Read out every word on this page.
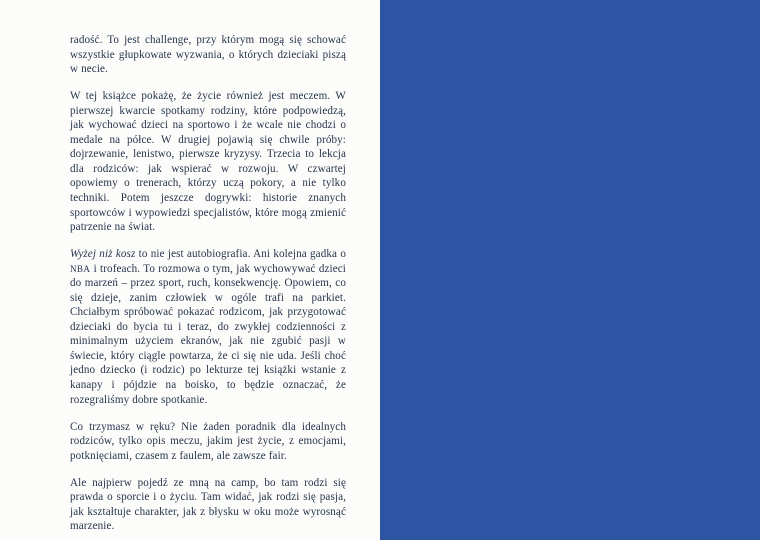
radość. To jest challenge, przy którym mogą się schować wszystkie głupkowate wyzwania, o których dzieciaki piszą w necie.

W tej książce pokażę, że życie również jest meczem. W pierwszej kwarcie spotkamy rodziny, które podpowiedzą, jak wychować dzieci na sportowo i że wcale nie chodzi o medale na półce. W drugiej pojawią się chwile próby: dojrzewanie, lenistwo, pierwsze kryzysy. Trzecia to lekcja dla rodziców: jak wspierać w rozwoju. W czwartej opowiemy o trenerach, którzy uczą pokory, a nie tylko techniki. Potem jeszcze dogrywki: historie znanych sportowców i wypowiedzi specjalistów, które mogą zmienić patrzenie na świat.

Wyżej niż kosz to nie jest autobiografia. Ani kolejna gadka o NBA i trofeach. To rozmowa o tym, jak wychowywać dzieci do marzeń – przez sport, ruch, konsekwencję. Opowiem, co się dzieje, zanim człowiek w ogóle trafi na parkiet. Chciałbym spróbować pokazać rodzicom, jak przygotować dzieciaki do bycia tu i teraz, do zwykłej codzienności z minimalnym użyciem ekranów, jak nie zgubić pasji w świecie, który ciągle powtarza, że ci się nie uda. Jeśli choć jedno dziecko (i rodzic) po lekturze tej książki wstanie z kanapy i pójdzie na boisko, to będzie oznaczać, że rozegraliśmy dobre spotkanie.

Co trzymasz w ręku? Nie żaden poradnik dla idealnych rodziców, tylko opis meczu, jakim jest życie, z emocjami, potknięciami, czasem z faulem, ale zawsze fair.

Ale najpierw pojedź ze mną na camp, bo tam rodzi się prawda o sporcie i o życiu. Tam widać, jak rodzi się pasja, jak kształtuje charakter, jak z błysku w oku może wyrosnąć marzenie.
